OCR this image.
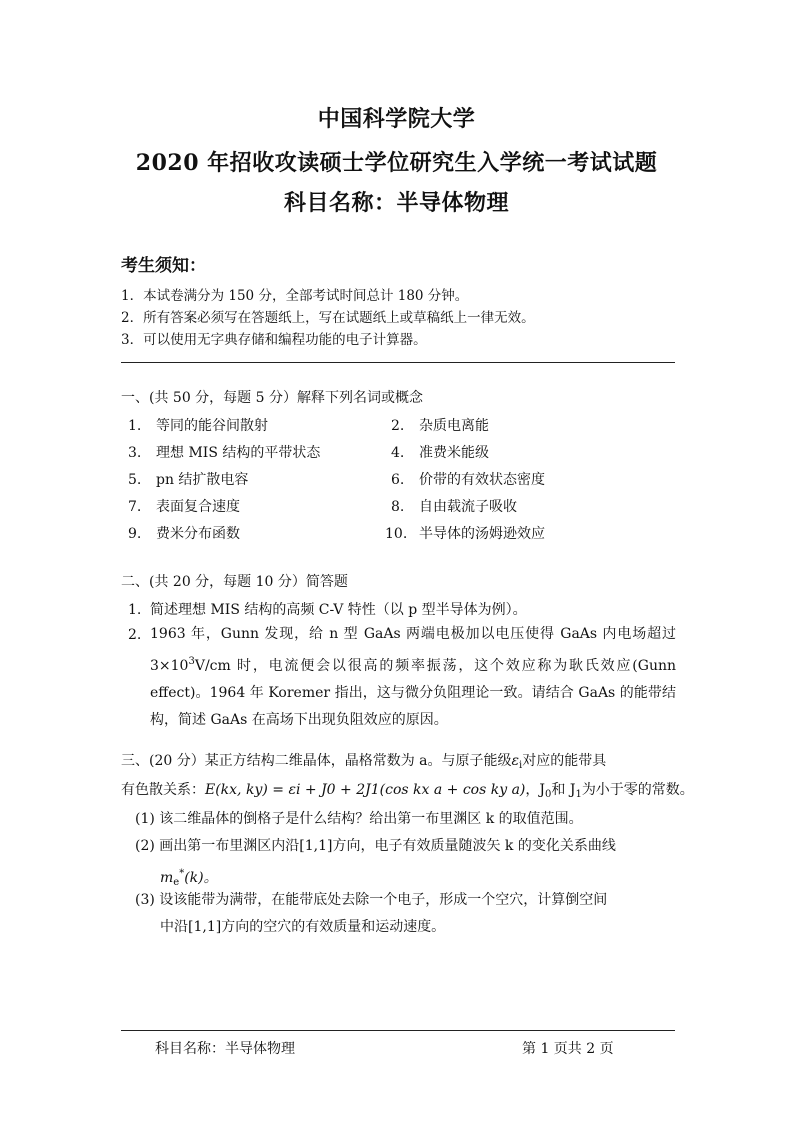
中国科学院大学
2020 年招收攻读硕士学位研究生入学统一考试试题
科目名称：半导体物理
考生须知：
1．本试卷满分为 150 分，全部考试时间总计 180 分钟。
2．所有答案必须写在答题纸上，写在试题纸上或草稿纸上一律无效。
3．可以使用无字典存储和编程功能的电子计算器。
一、(共 50 分，每题 5 分）解释下列名词或概念
1. 等同的能谷间散射	2. 杂质电离能
3. 理想 MIS 结构的平带状态	4. 准费米能级
5. pn 结扩散电容	6. 价带的有效状态密度
7. 表面复合速度	8. 自由载流子吸收
9. 费米分布函数	10. 半导体的汤姆逊效应
二、(共 20 分，每题 10 分）简答题
1. 简述理想 MIS 结构的高频 C-V 特性（以 p 型半导体为例）。
2. 1963 年，Gunn 发现，给 n 型 GaAs 两端电极加以电压使得 GaAs 内电场超过 $3\times 10^3V/cm$ 时，电流便会以很高的频率振荡，这个效应称为耿氏效应(Gunn effect)。1964 年 Koremer 指出，这与微分负阻理论一致。请结合 GaAs 的能带结构，简述 GaAs 在高场下出现负阻效应的原因。
三、(20 分）某正方结构二维晶体，晶格常数为 a。与原子能级$\varepsilon_i$对应的能带具
有色散关系：E(kx, ky) = εi + J0 + 2J1(cos kx a + cos ky a)，$J_0$和 $J_1$为小于零的常数。
(1) 该二维晶体的倒格子是什么结构？给出第一布里渊区 k 的取值范围。
(2) 画出第一布里渊区内沿[1,1]方向，电子有效质量随波矢 k 的变化关系曲线
$m_e^*(k)$。
(3) 设该能带为满带，在能带底处去除一个电子，形成一个空穴，计算倒空间
中沿[1,1]方向的空穴的有效质量和运动速度。
科目名称：半导体物理	第 1 页共 2 页
